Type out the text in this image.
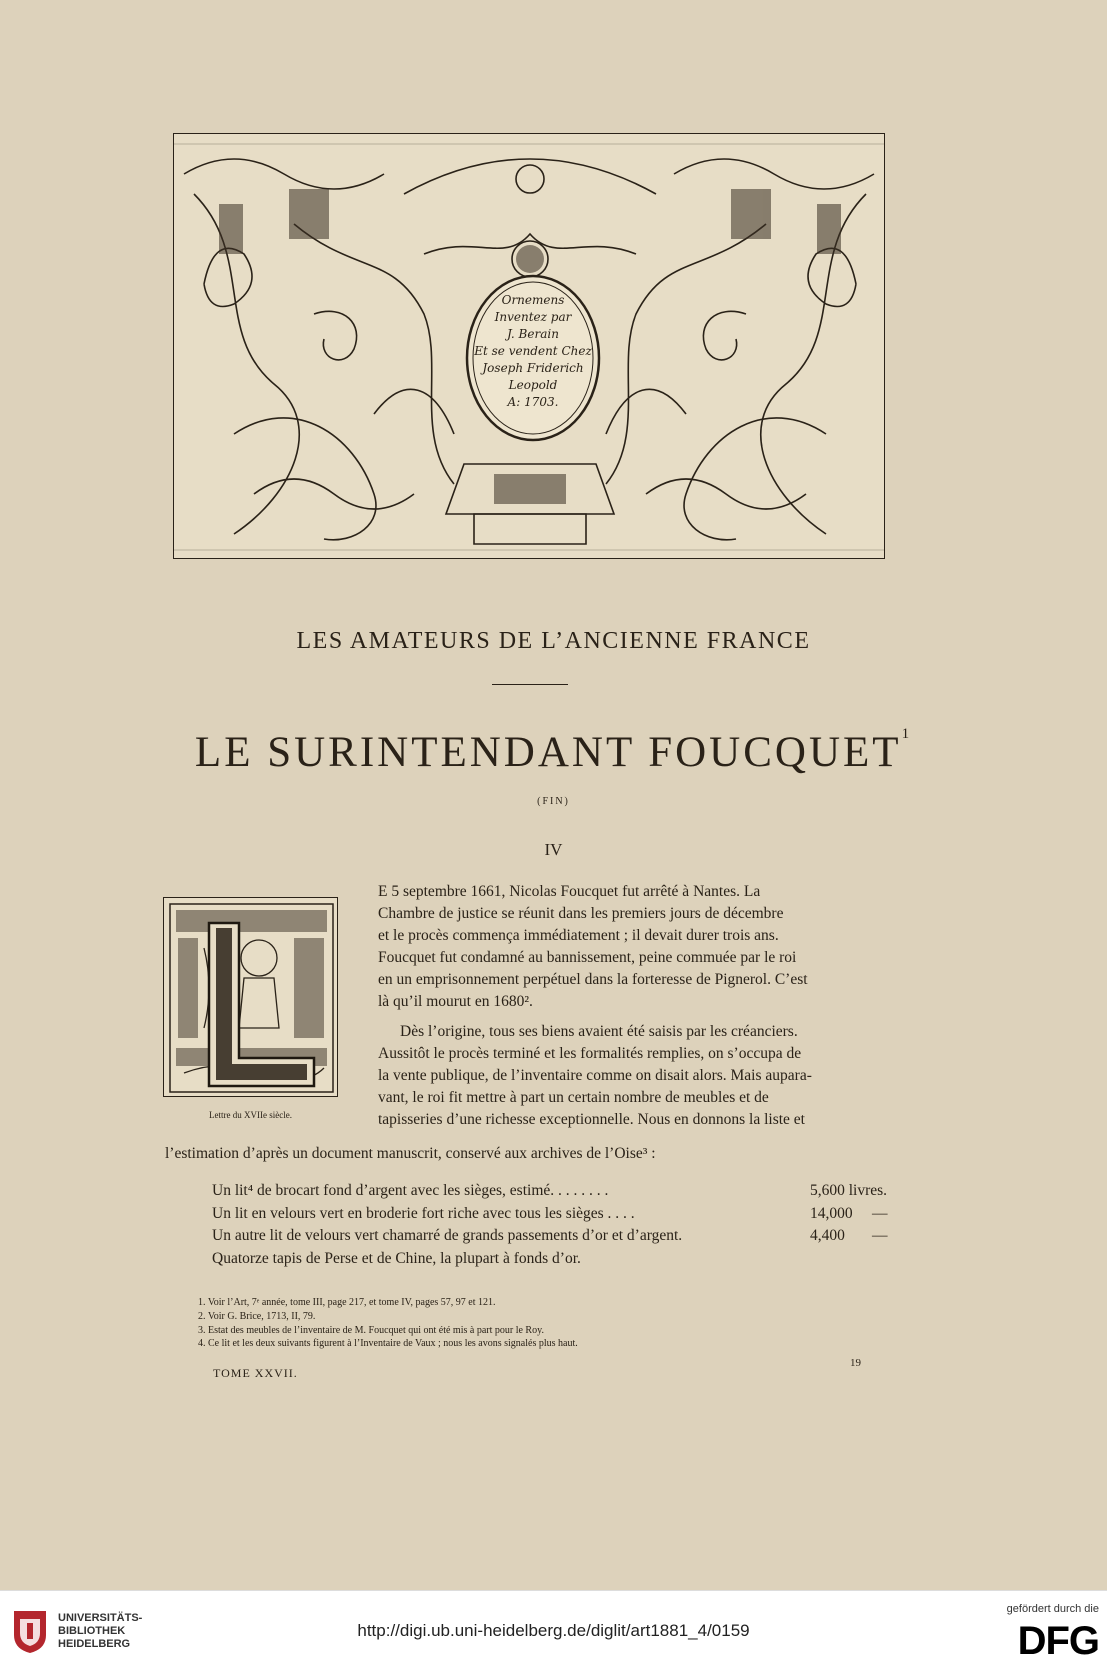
Ornemens
Inventez par
J. Berain
Et se vendent Chez
Joseph Friderich
Leopold
A: 1703.
LES AMATEURS DE L’ANCIENNE FRANCE
LE SURINTENDANT FOUCQUET$^1$
(FIN)
IV
Lettre du XVIIe siècle.
E 5 septembre 1661, Nicolas Foucquet fut arrêté à Nantes. La
Chambre de justice se réunit dans les premiers jours de décembre
et le procès commença immédiatement ; il devait durer trois ans.
Foucquet fut condamné au bannissement, peine commuée par le roi
en un emprisonnement perpétuel dans la forteresse de Pignerol. C’est
là qu’il mourut en 1680².
Dès l’origine, tous ses biens avaient été saisis par les créanciers.
Aussitôt le procès terminé et les formalités remplies, on s’occupa de
la vente publique, de l’inventaire comme on disait alors. Mais aupara-
vant, le roi fit mettre à part un certain nombre de meubles et de
tapisseries d’une richesse exceptionnelle. Nous en donnons la liste et
l’estimation d’après un document manuscrit, conservé aux archives de l’Oise³ :
Un lit⁴ de brocart fond d’argent avec les sièges, estimé. . . . . . . .	5,600 livres.
Un lit en velours vert en broderie fort riche avec tous les sièges . . . .	14,000 —
Un autre lit de velours vert chamarré de grands passements d’or et d’argent.	4,400 —
Quatorze tapis de Perse et de Chine, la plupart à fonds d’or.
1. Voir l’Art, 7ᵉ année, tome III, page 217, et tome IV, pages 57, 97 et 121.
2. Voir G. Brice, 1713, II, 79.
3. Estat des meubles de l’inventaire de M. Foucquet qui ont été mis à part pour le Roy.
4. Ce lit et les deux suivants figurent à l’Inventaire de Vaux ; nous les avons signalés plus haut.
TOME XXVII.
19
UNIVERSITÄTS-
BIBLIOTHEK
HEIDELBERG
http://digi.ub.uni-heidelberg.de/diglit/art1881_4/0159
gefördert durch die
DFG
